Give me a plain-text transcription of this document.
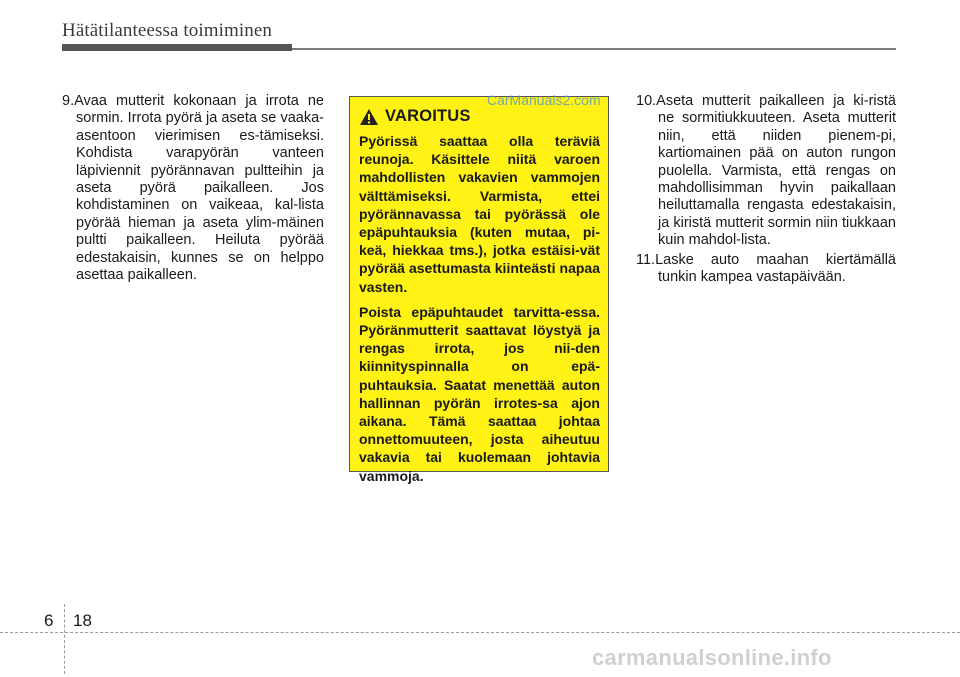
Hätätilanteessa toimiminen
9.Avaa mutterit kokonaan ja irrota ne sormin. Irrota pyörä ja aseta se vaaka-asentoon vierimisen es-tämiseksi. Kohdista varapyörän vanteen läpiviennit pyörännavan pultteihin ja aseta pyörä paikalleen. Jos kohdistaminen on vaikeaa, kal-lista pyörää hieman ja aseta ylim-mäinen pultti paikalleen. Heiluta pyörää edestakaisin, kunnes se on helppo asettaa paikalleen.
VAROITUS

Pyörissä saattaa olla teräviä reunoja. Käsittele niitä varoen mahdollisten vakavien vammojen välttämiseksi. Varmista, ettei pyörännavassa tai pyörässä ole epäpuhtauksia (kuten mutaa, pi-keä, hiekkaa tms.), jotka estäisi-vät pyörää asettumasta kiinteästi napaa vasten.

Poista epäpuhtaudet tarvitta-essa. Pyöränmutterit saattavat löystyä ja rengas irrota, jos nii-den kiinnityspinnalla on epä-puhtauksia. Saatat menettää auton hallinnan pyörän irrotes-sa ajon aikana. Tämä saattaa johtaa onnettomuuteen, josta aiheutuu vakavia tai kuolemaan johtavia vammoja.

CarManuals2.com 10.Aseta mutterit paikalleen ja ki-ristä ne sormitiukkuuteen. Aseta mutterit niin, että niiden pienem-pi, kartiomainen pää on auton rungon puolella. Varmista, että rengas on mahdollisimman hyvin paikallaan heiluttamalla rengasta edestakaisin, ja kiristä mutterit sormin niin tiukkaan kuin mahdol-lista.
11.Laske auto maahan kiertämällä tunkin kampea vastapäivään.
6 18
carmanualsonline.info
